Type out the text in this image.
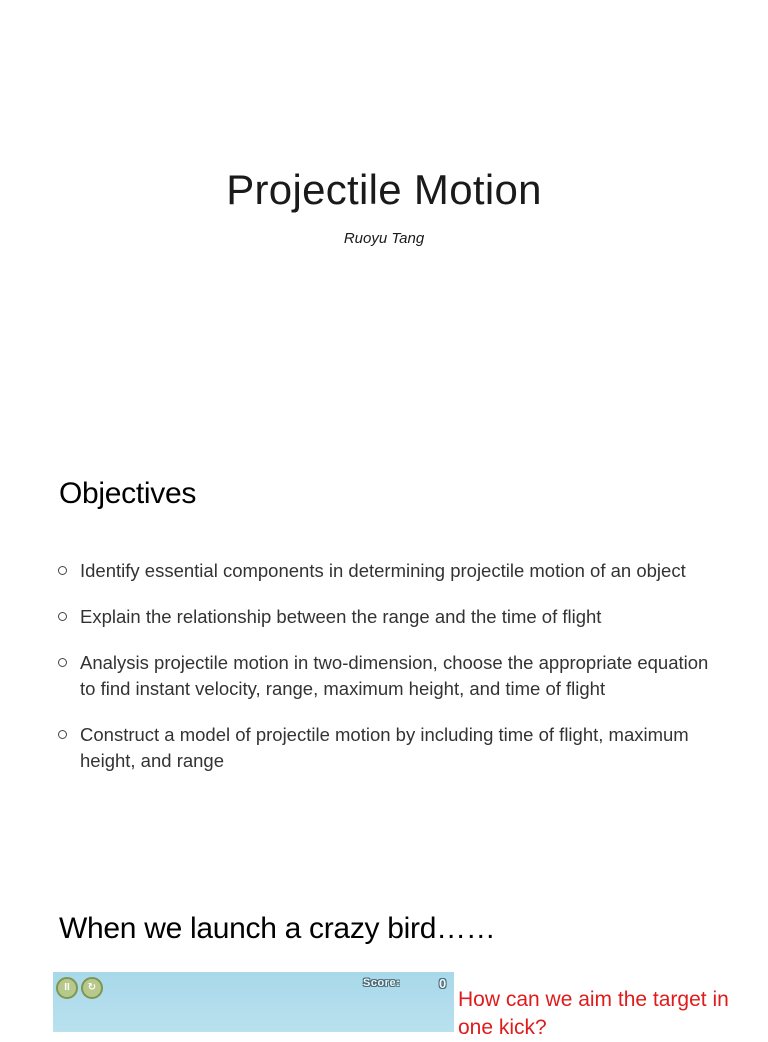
Projectile Motion
Ruoyu Tang
Objectives
Identify essential components in determining projectile motion of an object
Explain the relationship between the range and the time of flight
Analysis projectile motion in two-dimension, choose the appropriate equation to find instant velocity, range, maximum height, and time of flight
Construct a model of projectile motion by including time of flight, maximum height, and range
When we launch a crazy bird……
II	↻	Score:	0
How can we aim the target in one kick?
